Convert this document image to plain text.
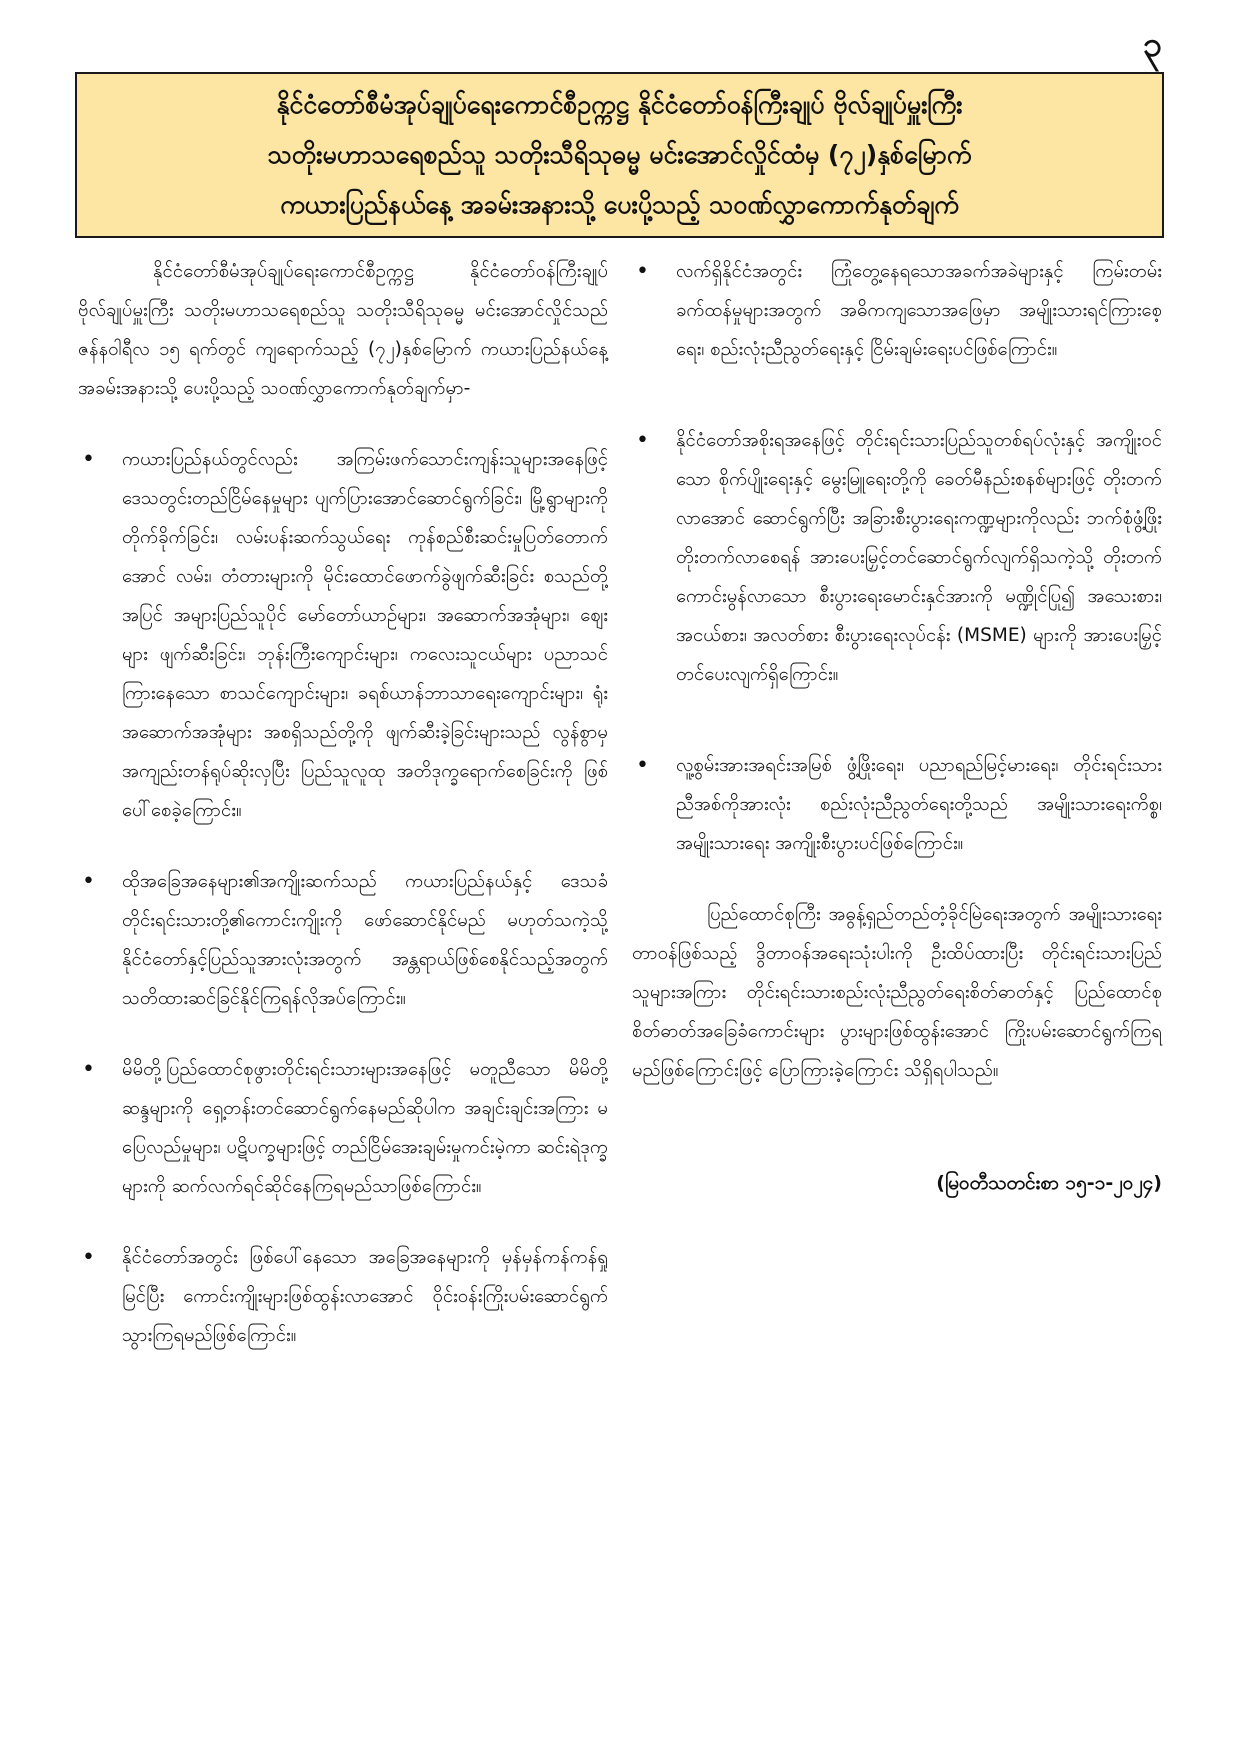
၃
နိုင်ငံတော်စီမံအုပ်ချုပ်ရေးကောင်စီဥက္ကဋ္ဌ နိုင်ငံတော်ဝန်ကြီးချုပ် ဗိုလ်ချုပ်မှူးကြီး
သတိုးမဟာသရေစည်သူ သတိုးသီရိသုဓမ္မ မင်းအောင်လှိုင်ထံမှ (၇၂)နှစ်မြောက်
ကယားပြည်နယ်နေ့ အခမ်းအနားသို့ ပေးပို့သည့် သဝဏ်လွှာကောက်နုတ်ချက်

နိုင်ငံတော်စီမံအုပ်ချုပ်ရေးကောင်စီဥက္ကဋ္ဌ နိုင်ငံတော်ဝန်ကြီးချုပ် ဗိုလ်ချုပ်မှူးကြီး သတိုးမဟာသရေစည်သူ သတိုးသီရိသုဓမ္မ မင်းအောင်လှိုင်သည် ဇန်နဝါရီလ ၁၅ ရက်တွင် ကျရောက်သည့် (၇၂)နှစ်မြောက် ကယားပြည်နယ်နေ့ အခမ်းအနားသို့ ပေးပို့သည့် သဝဏ်လွှာကောက်နုတ်ချက်မှာ-

•	ကယားပြည်နယ်တွင်လည်း အကြမ်းဖက်သောင်းကျန်းသူများအနေဖြင့် ဒေသတွင်းတည်ငြိမ်နေမှုများ ပျက်ပြားအောင်ဆောင်ရွက်ခြင်း၊ မြို့ရွာများကို တိုက်ခိုက်ခြင်း၊ လမ်းပန်းဆက်သွယ်ရေး ကုန်စည်စီးဆင်းမှုပြတ်တောက်အောင် လမ်း၊ တံတားများကို မိုင်းထောင်ဖောက်ခွဲဖျက်ဆီးခြင်း စသည်တို့အပြင် အများပြည်သူပိုင် မော်တော်ယာဉ်များ၊ အဆောက်အအုံများ၊ ဈေးများ ဖျက်ဆီးခြင်း၊ ဘုန်းကြီးကျောင်းများ၊ ကလေးသူငယ်များ ပညာသင်ကြားနေသော စာသင်ကျောင်းများ၊ ခရစ်ယာန်ဘာသာရေးကျောင်းများ၊ ရုံးအဆောက်အအုံများ အစရှိသည်တို့ကို ဖျက်ဆီးခဲ့ခြင်းများသည် လွန်စွာမှအကျည်းတန်ရုပ်ဆိုးလှပြီး ပြည်သူလူထု အတိဒုက္ခရောက်စေခြင်းကို ဖြစ်ပေါ်စေခဲ့ကြောင်း။

•	ထိုအခြေအနေများ၏အကျိုးဆက်သည် ကယားပြည်နယ်နှင့် ဒေသခံတိုင်းရင်းသားတို့၏ကောင်းကျိုးကို ဖော်ဆောင်နိုင်မည် မဟုတ်သကဲ့သို့ နိုင်ငံတော်နှင့်ပြည်သူအားလုံးအတွက် အန္တရာယ်ဖြစ်စေနိုင်သည့်အတွက် သတိထားဆင်ခြင်နိုင်ကြရန်လိုအပ်ကြောင်း။

•	မိမိတို့ပြည်ထောင်စုဖွားတိုင်းရင်းသားများအနေဖြင့် မတူညီသော မိမိတို့ဆန္ဒများကို ရှေ့တန်းတင်ဆောင်ရွက်နေမည်ဆိုပါက အချင်းချင်းအကြား မပြေလည်မှုများ၊ ပဋိပက္ခများဖြင့် တည်ငြိမ်အေးချမ်းမှုကင်းမဲ့ကာ ဆင်းရဲဒုက္ခများကို ဆက်လက်ရင်ဆိုင်နေကြရမည်သာဖြစ်ကြောင်း။

•	နိုင်ငံတော်အတွင်း ဖြစ်ပေါ်နေသော အခြေအနေများကို မှန်မှန်ကန်ကန်ရှုမြင်ပြီး ကောင်းကျိုးများဖြစ်ထွန်းလာအောင် ဝိုင်းဝန်းကြိုးပမ်းဆောင်ရွက်သွားကြရမည်ဖြစ်ကြောင်း။

•	လက်ရှိနိုင်ငံအတွင်း ကြုံတွေ့နေရသောအခက်အခဲများနှင့် ကြမ်းတမ်းခက်ထန်မှုများအတွက် အဓိကကျသောအဖြေမှာ အမျိုးသားရင်ကြားစေ့ရေး၊ စည်းလုံးညီညွတ်ရေးနှင့် ငြိမ်းချမ်းရေးပင်ဖြစ်ကြောင်း။

•	နိုင်ငံတော်အစိုးရအနေဖြင့် တိုင်းရင်းသားပြည်သူတစ်ရပ်လုံးနှင့် အကျိုးဝင်သော စိုက်ပျိုးရေးနှင့် မွေးမြူရေးတို့ကို ခေတ်မီနည်းစနစ်များဖြင့် တိုးတက်လာအောင် ဆောင်ရွက်ပြီး အခြားစီးပွားရေးကဏ္ဍများကိုလည်း ဘက်စုံဖွံ့ဖြိုးတိုးတက်လာစေရန် အားပေးမြှင့်တင်ဆောင်ရွက်လျက်ရှိသကဲ့သို့ တိုးတက်ကောင်းမွန်လာသော စီးပွားရေးမောင်းနှင်အားကို မဏ္ဍိုင်ပြု၍ အသေးစား၊ အငယ်စား၊ အလတ်စား စီးပွားရေးလုပ်ငန်း (MSME) များကို အားပေးမြှင့်တင်ပေးလျက်ရှိကြောင်း။

•	လူ့စွမ်းအားအရင်းအမြစ် ဖွံ့ဖြိုးရေး၊ ပညာရည်မြင့်မားရေး၊ တိုင်းရင်းသားညီအစ်ကိုအားလုံး စည်းလုံးညီညွတ်ရေးတို့သည် အမျိုးသားရေးကိစ္စ၊ အမျိုးသားရေး အကျိုးစီးပွားပင်ဖြစ်ကြောင်း။

ပြည်ထောင်စုကြီး အဓွန့်ရှည်တည်တံ့ခိုင်မြဲရေးအတွက် အမျိုးသားရေးတာဝန်ဖြစ်သည့် ဒွိတာဝန်အရေးသုံးပါးကို ဦးထိပ်ထားပြီး တိုင်းရင်းသားပြည်သူများအကြား တိုင်းရင်းသားစည်းလုံးညီညွတ်ရေးစိတ်ဓာတ်နှင့် ပြည်ထောင်စုစိတ်ဓာတ်အခြေခံကောင်းများ ပွားများဖြစ်ထွန်းအောင် ကြိုးပမ်းဆောင်ရွက်ကြရမည်ဖြစ်ကြောင်းဖြင့် ပြောကြားခဲ့ကြောင်း သိရှိရပါသည်။

(မြဝတီသတင်းစာ ၁၅-၁-၂၀၂၄)
